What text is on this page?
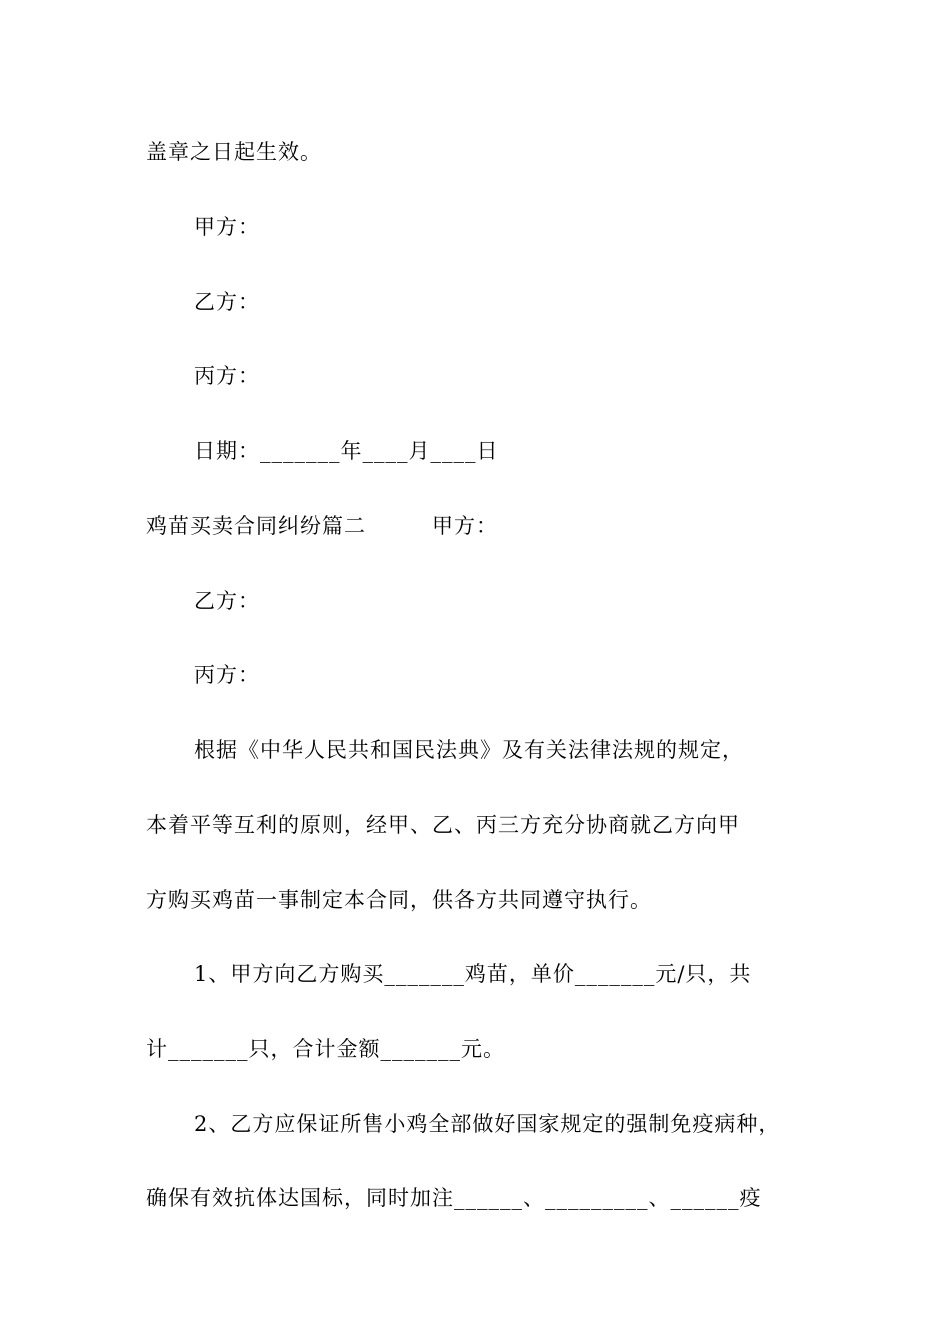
盖章之日起生效。
甲方：
乙方：
丙方：
日期：_______年____月____日
鸡苗买卖合同纠纷篇二　　　甲方：
乙方：
丙方：
根据《中华人民共和国民法典》及有关法律法规的规定，
本着平等互利的原则，经甲、乙、丙三方充分协商就乙方向甲
方购买鸡苗一事制定本合同，供各方共同遵守执行。
1、甲方向乙方购买_______鸡苗，单价_______元/只，共
计_______只，合计金额_______元。
2、乙方应保证所售小鸡全部做好国家规定的强制免疫病种，
确保有效抗体达国标，同时加注______、_________、______疫
